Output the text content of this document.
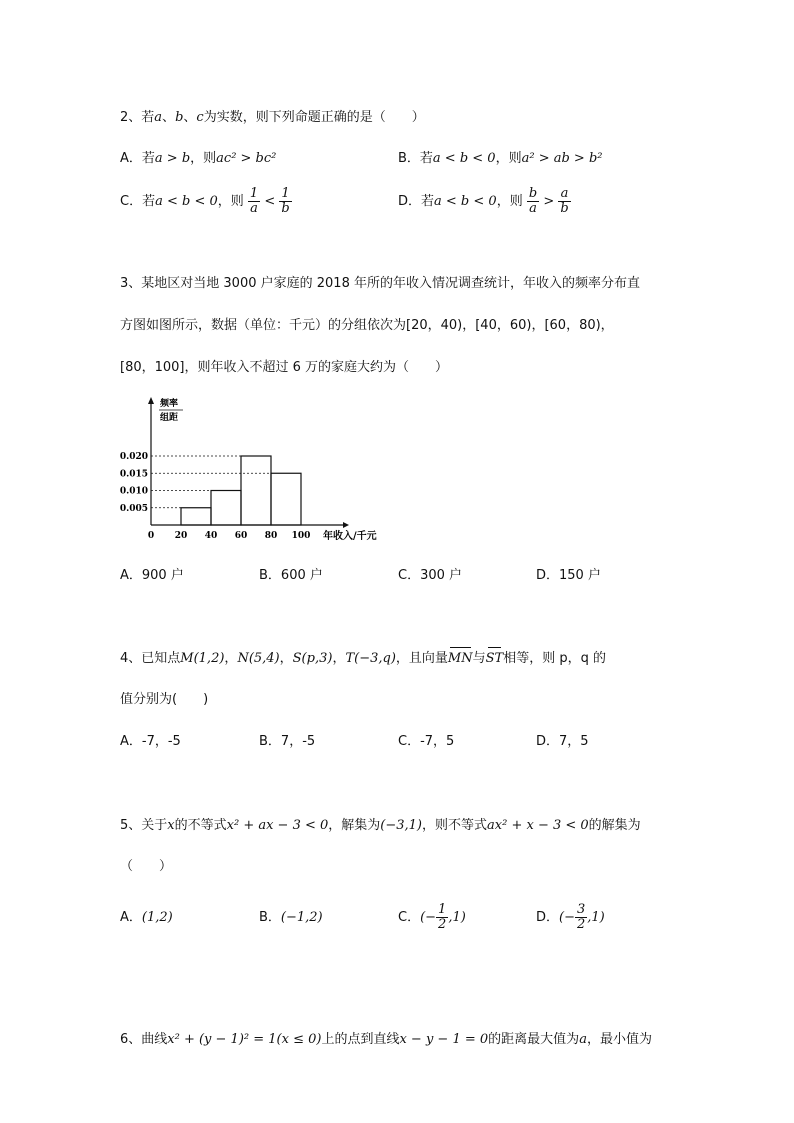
2、若a、b、c为实数，则下列命题正确的是（　　）
A．若a > b，则ac² > bc²	B．若a < b < 0，则a² > ab > b²
C．若a < b < 0，则 $\frac{1}{a} < \frac{1}{b}$	D．若a < b < 0，则 $\frac{b}{a} > \frac{a}{b}$
3、某地区对当地 3000 户家庭的 2018 年所的年收入情况调查统计，年收入的频率分布直
方图如图所示，数据（单位：千元）的分组依次为[20，40)，[40，60)，[60，80)，
[80，100]，则年收入不超过 6 万的家庭大约为（　　）
频率
组距
0.005
0.010
0.015
0.020
0 20 40 60 80 100 年收入/千元
A．900 户	B．600 户	C．300 户	D．150 户
4、已知点M(1,2)，N(5,4)，S(p,3)，T(−3,q)，且向量MN与ST相等，则 p，q 的
值分别为(　　)
A．-7，-5	B．7，-5	C．-7，5	D．7，5
5、关于x的不等式x² + ax − 3 < 0，解集为(−3,1)，则不等式ax² + x − 3 < 0的解集为
（　　）
A．(1,2)	B．(−1,2)	C．(− $\frac{1}{2} ,1$)	D．(− $\frac{3}{2} ,1$)
6、曲线x² + (y − 1)² = 1(x ≤ 0)上的点到直线x − y − 1 = 0的距离最大值为a，最小值为
